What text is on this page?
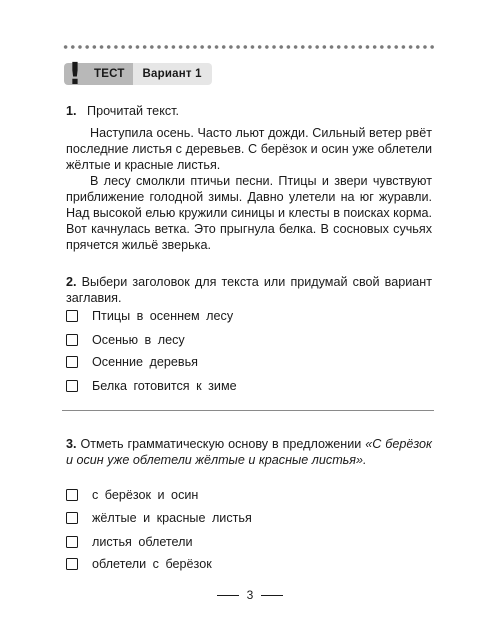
!	ТЕСТ Вариант 1
1. Прочитай текст.
Наступила осень. Часто льют дожди. Сильный ветер рвёт последние листья с деревьев. С берёзок и осин уже облетели жёлтые и красные листья.
В лесу смолкли птичьи песни. Птицы и звери чувствуют приближение голодной зимы. Давно улетели на юг журавли. Над высокой елью кружили синицы и клесты в поисках корма. Вот качнулась ветка. Это прыгнула белка. В сосновых сучьях прячется жильё зверька.
2. Выбери заголовок для текста или придумай свой вариант заглавия.
Птицы в осеннем лесу
Осенью в лесу
Осенние деревья
Белка готовится к зиме
3. Отметь грамматическую основу в предложении «С берёзок и осин уже облетели жёлтые и красные листья».
с берёзок и осин
жёлтые и красные листья
листья облетели
облетели с берёзок
3
